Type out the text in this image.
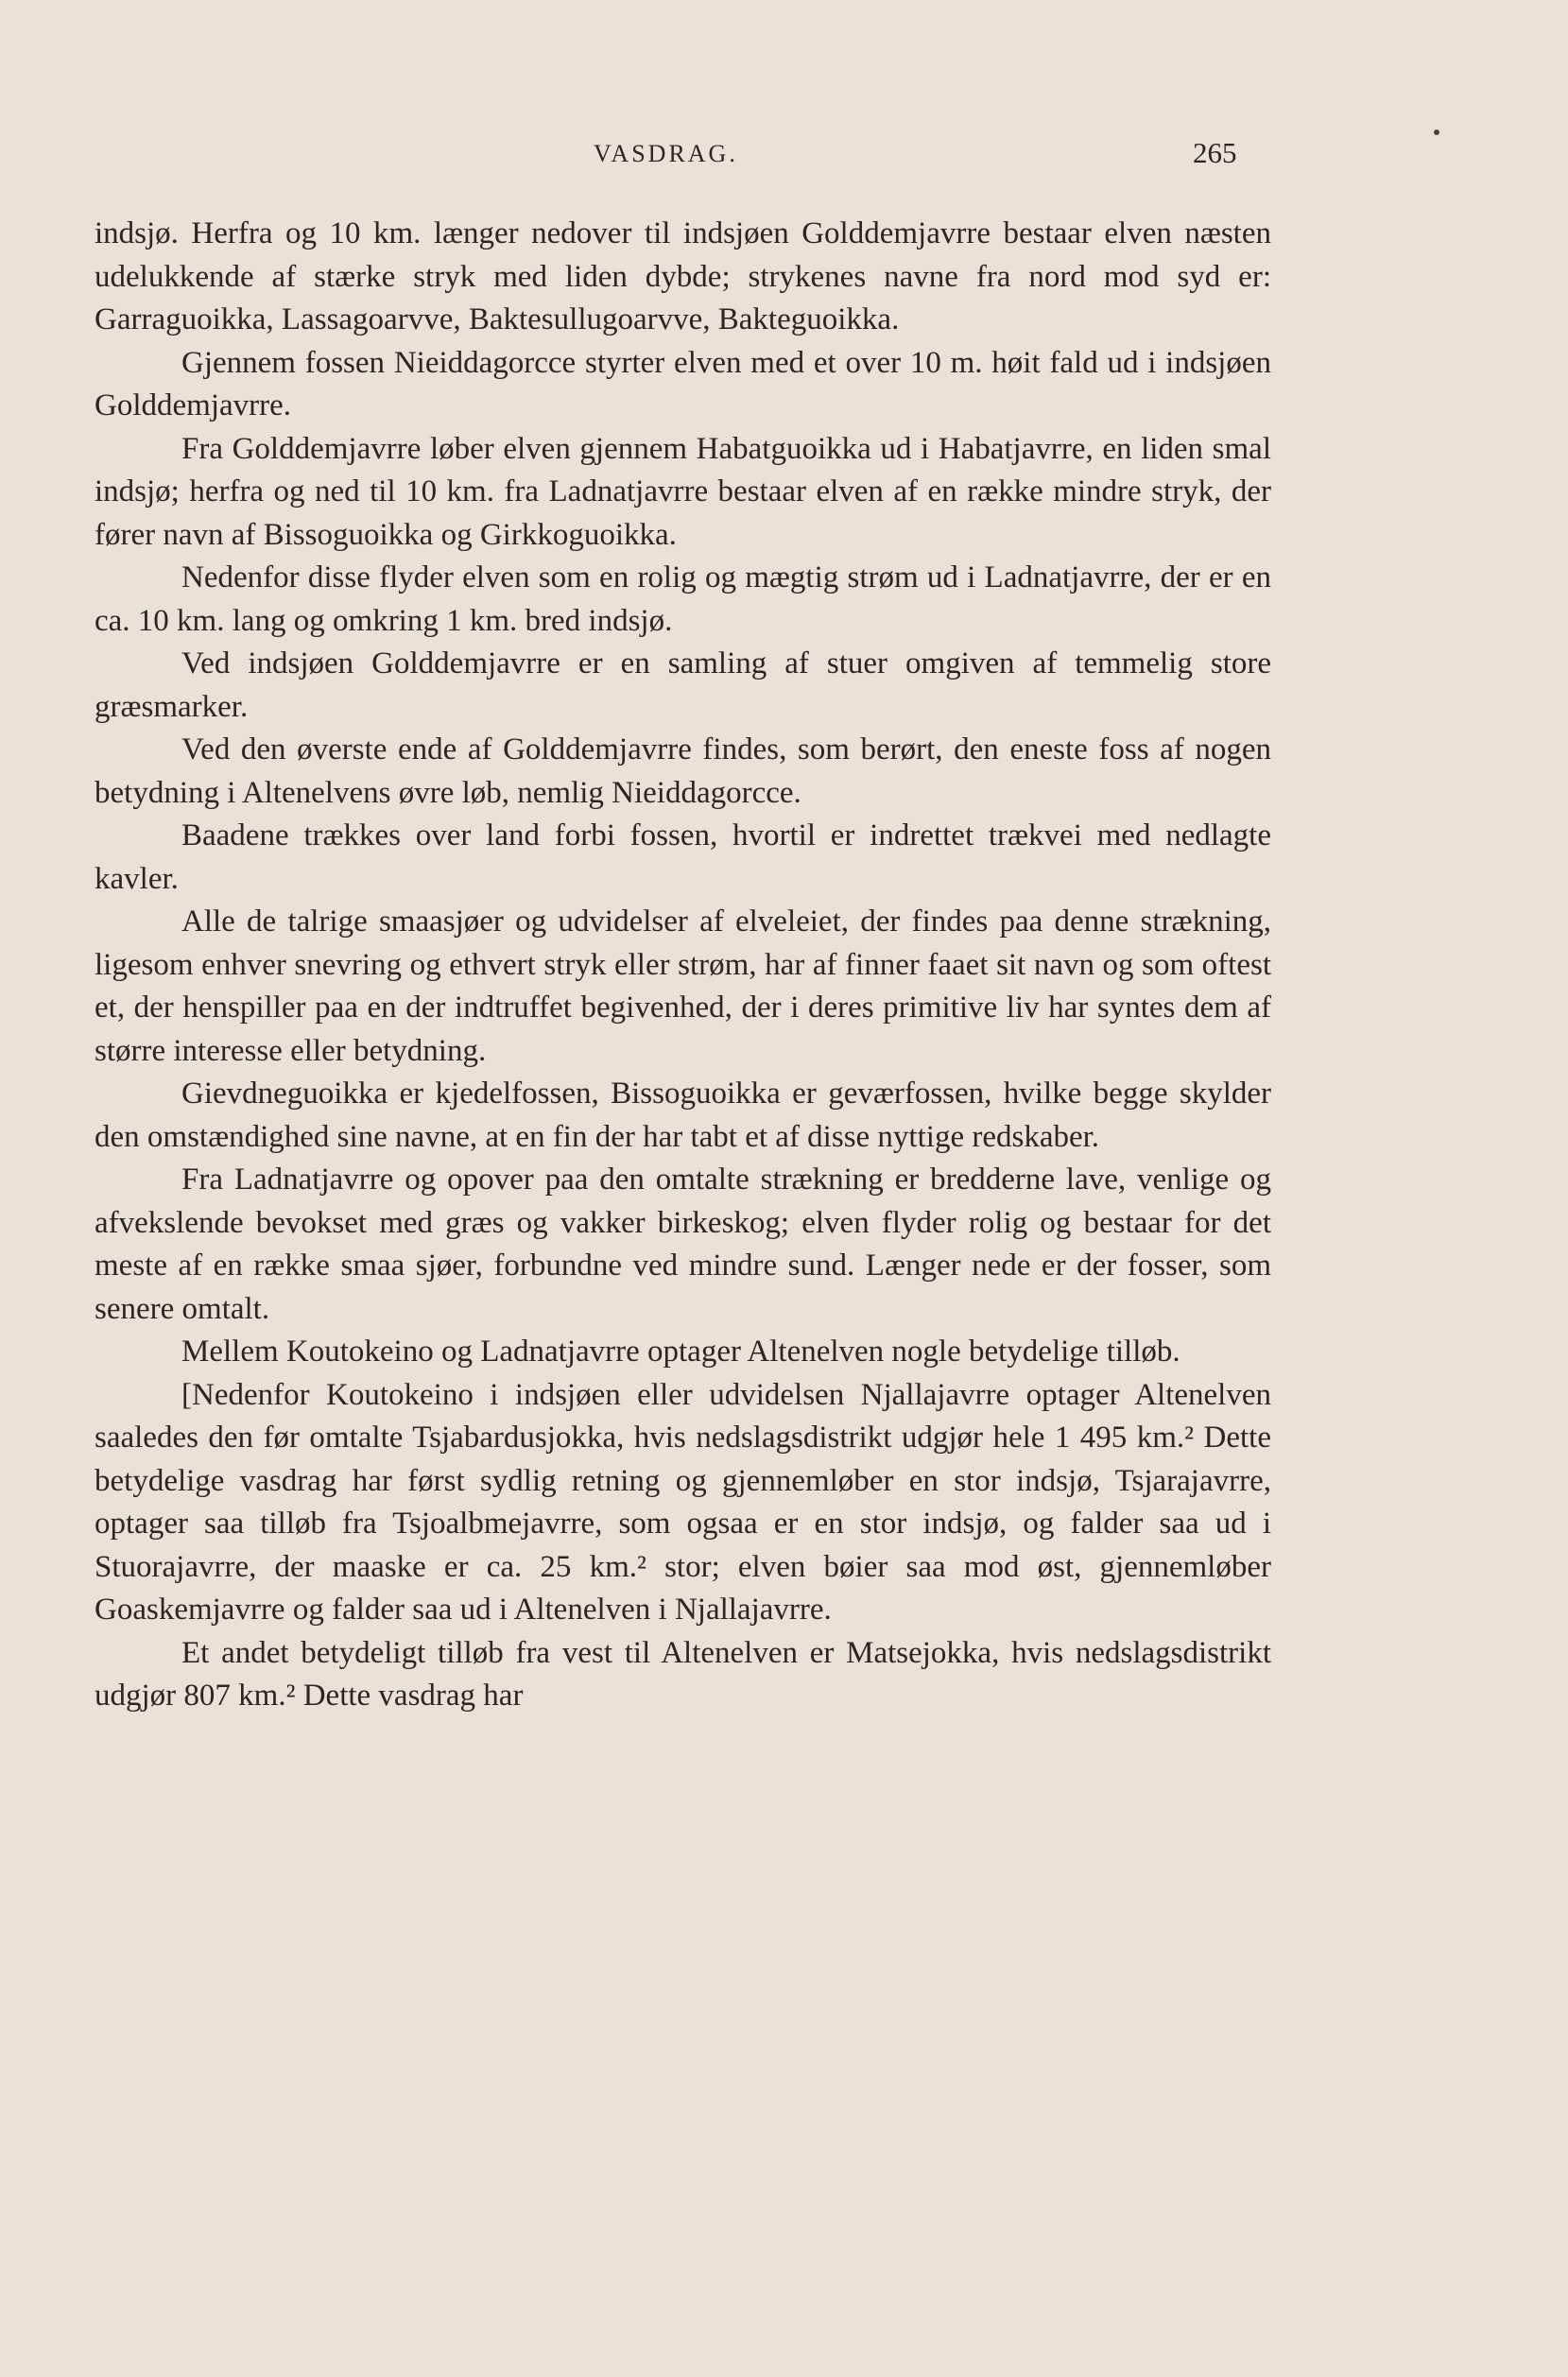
VASDRAG.	265

indsjø. Herfra og 10 km. længer nedover til indsjøen Golddemjavrre bestaar elven næsten udelukkende af stærke stryk med liden dybde; strykenes navne fra nord mod syd er: Garraguoikka, Lassagoarvve, Baktesullugoarvve, Bakteguoikka.

Gjennem fossen Nieiddagorcce styrter elven med et over 10 m. høit fald ud i indsjøen Golddemjavrre.

Fra Golddemjavrre løber elven gjennem Habatguoikka ud i Habatjavrre, en liden smal indsjø; herfra og ned til 10 km. fra Ladnatjavrre bestaar elven af en række mindre stryk, der fører navn af Bissoguoikka og Girkkoguoikka.

Nedenfor disse flyder elven som en rolig og mægtig strøm ud i Ladnatjavrre, der er en ca. 10 km. lang og omkring 1 km. bred indsjø.

Ved indsjøen Golddemjavrre er en samling af stuer omgiven af temmelig store græsmarker.

Ved den øverste ende af Golddemjavrre findes, som berørt, den eneste foss af nogen betydning i Altenelvens øvre løb, nemlig Nieiddagorcce.

Baadene trækkes over land forbi fossen, hvortil er indrettet trækvei med nedlagte kavler.

Alle de talrige smaasjøer og udvidelser af elveleiet, der findes paa denne strækning, ligesom enhver snevring og ethvert stryk eller strøm, har af finner faaet sit navn og som oftest et, der henspiller paa en der indtruffet begivenhed, der i deres primitive liv har syntes dem af større interesse eller betydning.

Gievdneguoikka er kjedelfossen, Bissoguoikka er geværfossen, hvilke begge skylder den omstændighed sine navne, at en fin der har tabt et af disse nyttige redskaber.

Fra Ladnatjavrre og opover paa den omtalte strækning er bredderne lave, venlige og afvekslende bevokset med græs og vakker birkeskog; elven flyder rolig og bestaar for det meste af en række smaa sjøer, forbundne ved mindre sund. Længer nede er der fosser, som senere omtalt.

Mellem Koutokeino og Ladnatjavrre optager Altenelven nogle betydelige tilløb.

[Nedenfor Koutokeino i indsjøen eller udvidelsen Njallajavrre optager Altenelven saaledes den før omtalte Tsjabardusjokka, hvis nedslagsdistrikt udgjør hele 1 495 km.² Dette betydelige vasdrag har først sydlig retning og gjennemløber en stor indsjø, Tsjarajavrre, optager saa tilløb fra Tsjoalbmejavrre, som ogsaa er en stor indsjø, og falder saa ud i Stuorajavrre, der maaske er ca. 25 km.² stor; elven bøier saa mod øst, gjennemløber Goaskemjavrre og falder saa ud i Altenelven i Njallajavrre.

Et andet betydeligt tilløb fra vest til Altenelven er Matsejokka, hvis nedslagsdistrikt udgjør 807 km.² Dette vasdrag har
